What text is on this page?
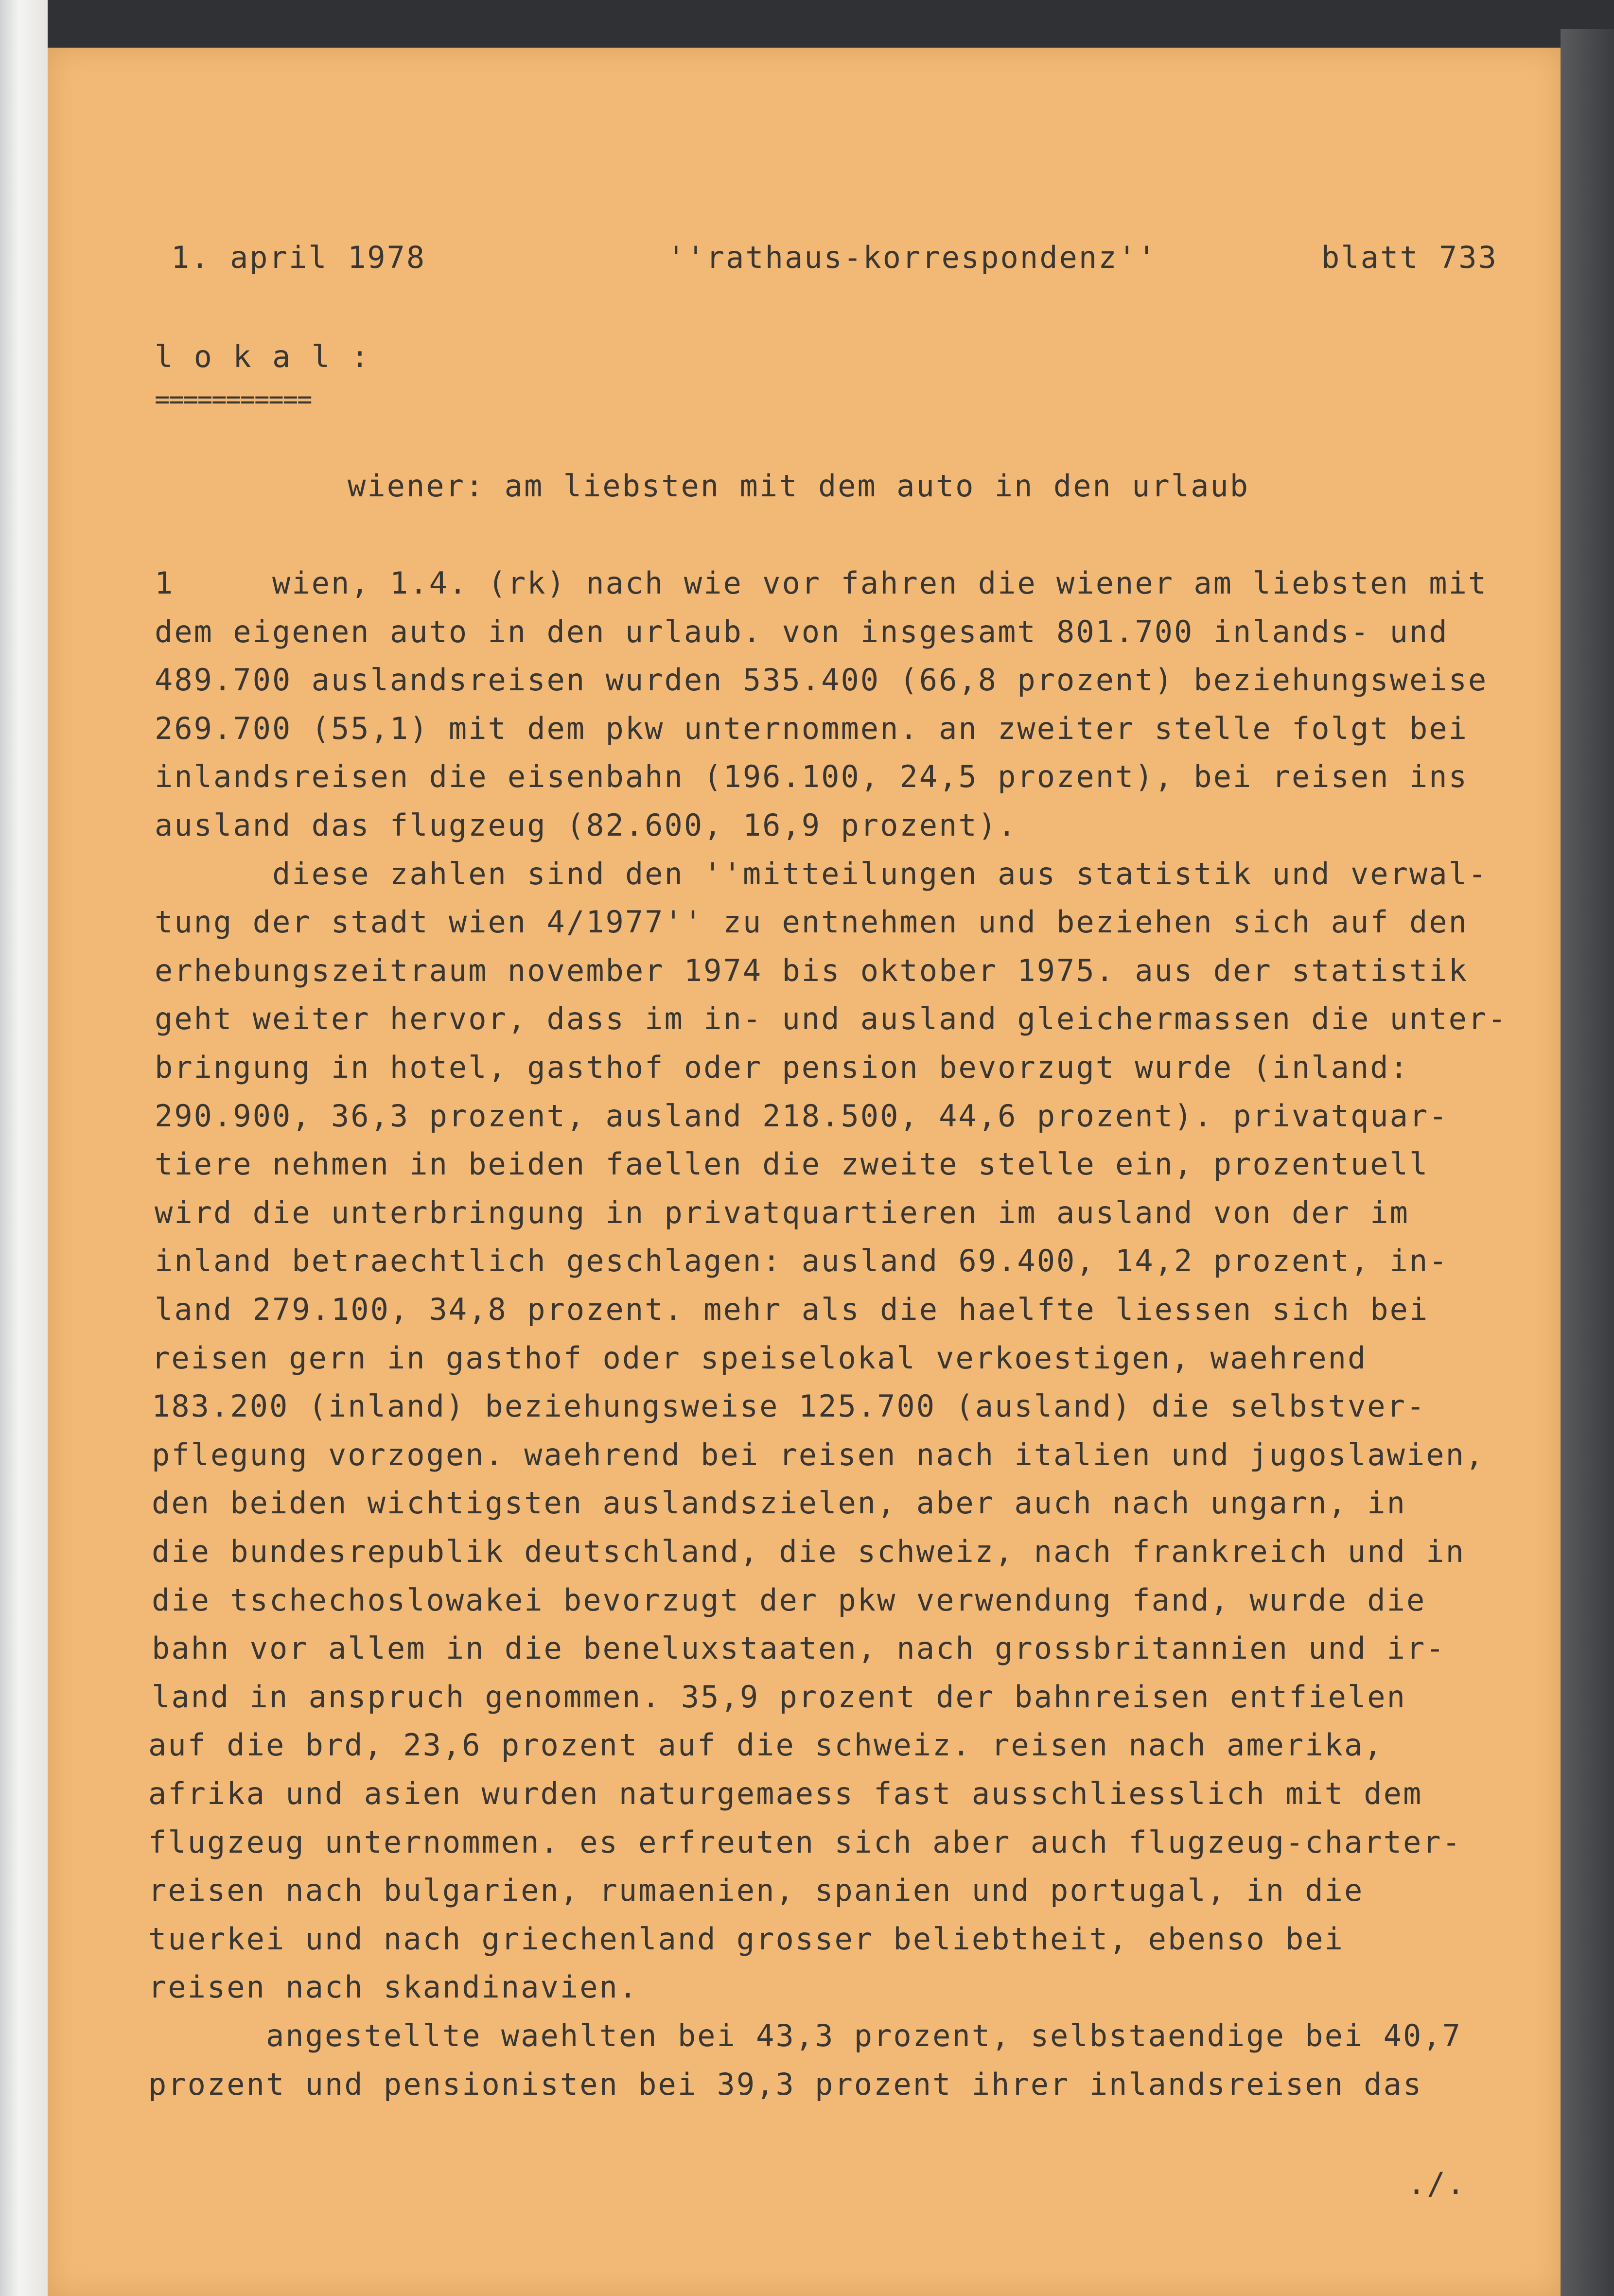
1. april 1978	''rathaus-korrespondenz''	blatt 733
l o k a l :
===========
wiener: am liebsten mit dem auto in den urlaub
1     wien, 1.4. (rk) nach wie vor fahren die wiener am liebsten mit
dem eigenen auto in den urlaub. von insgesamt 801.700 inlands- und
489.700 auslandsreisen wurden 535.400 (66,8 prozent) beziehungsweise
269.700 (55,1) mit dem pkw unternommen. an zweiter stelle folgt bei
inlandsreisen die eisenbahn (196.100, 24,5 prozent), bei reisen ins
ausland das flugzeug (82.600, 16,9 prozent).
diese zahlen sind den ''mitteilungen aus statistik und verwal-
tung der stadt wien 4/1977'' zu entnehmen und beziehen sich auf den
erhebungszeitraum november 1974 bis oktober 1975. aus der statistik
geht weiter hervor, dass im in- und ausland gleichermassen die unter-
bringung in hotel, gasthof oder pension bevorzugt wurde (inland:
290.900, 36,3 prozent, ausland 218.500, 44,6 prozent). privatquar-
tiere nehmen in beiden faellen die zweite stelle ein, prozentuell
wird die unterbringung in privatquartieren im ausland von der im
inland betraechtlich geschlagen: ausland 69.400, 14,2 prozent, in-
land 279.100, 34,8 prozent. mehr als die haelfte liessen sich bei
reisen gern in gasthof oder speiselokal verkoestigen, waehrend
183.200 (inland) beziehungsweise 125.700 (ausland) die selbstver-
pflegung vorzogen. waehrend bei reisen nach italien und jugoslawien,
den beiden wichtigsten auslandszielen, aber auch nach ungarn, in
die bundesrepublik deutschland, die schweiz, nach frankreich und in
die tschechoslowakei bevorzugt der pkw verwendung fand, wurde die
bahn vor allem in die beneluxstaaten, nach grossbritannien und ir-
land in anspruch genommen. 35,9 prozent der bahnreisen entfielen
auf die brd, 23,6 prozent auf die schweiz. reisen nach amerika,
afrika und asien wurden naturgemaess fast ausschliesslich mit dem
flugzeug unternommen. es erfreuten sich aber auch flugzeug-charter-
reisen nach bulgarien, rumaenien, spanien und portugal, in die
tuerkei und nach griechenland grosser beliebtheit, ebenso bei
reisen nach skandinavien.
angestellte waehlten bei 43,3 prozent, selbstaendige bei 40,7
prozent und pensionisten bei 39,3 prozent ihrer inlandsreisen das
./.
